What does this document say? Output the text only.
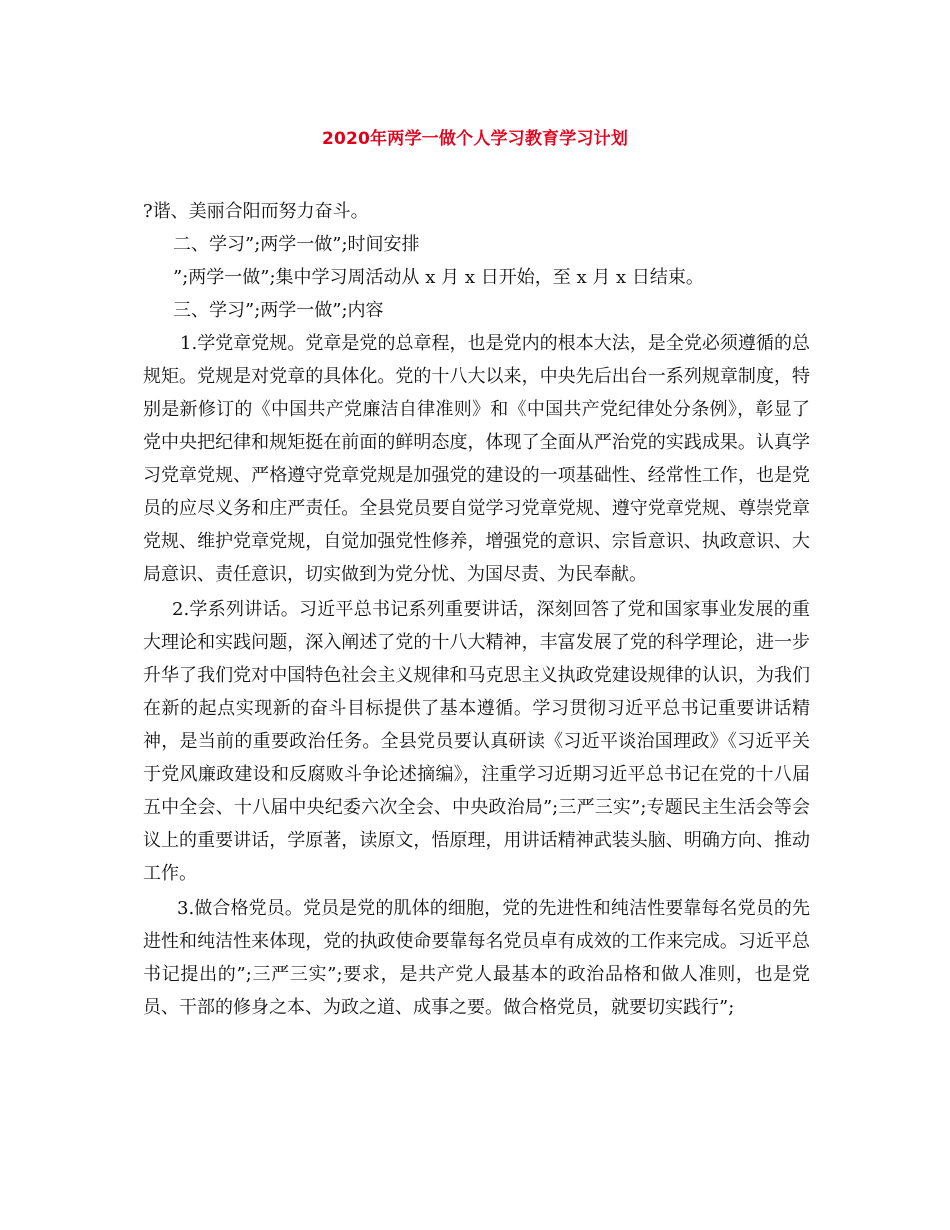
2020年两学一做个人学习教育学习计划

?谐、美丽合阳而努力奋斗。

二、学习”;两学一做”;时间安排

”;两学一做”;集中学习周活动从 x 月 x 日开始，至 x 月 x 日结束。

三、学习”;两学一做”;内容

1.学党章党规。党章是党的总章程，也是党内的根本大法，是全党必须遵循的总规矩。党规是对党章的具体化。党的十八大以来，中央先后出台一系列规章制度，特别是新修订的《中国共产党廉洁自律准则》和《中国共产党纪律处分条例》，彰显了党中央把纪律和规矩挺在前面的鲜明态度，体现了全面从严治党的实践成果。认真学习党章党规、严格遵守党章党规是加强党的建设的一项基础性、经常性工作，也是党员的应尽义务和庄严责任。全县党员要自觉学习党章党规、遵守党章党规、尊崇党章党规、维护党章党规，自觉加强党性修养，增强党的意识、宗旨意识、执政意识、大局意识、责任意识，切实做到为党分忧、为国尽责、为民奉献。

2.学系列讲话。习近平总书记系列重要讲话，深刻回答了党和国家事业发展的重大理论和实践问题，深入阐述了党的十八大精神，丰富发展了党的科学理论，进一步升华了我们党对中国特色社会主义规律和马克思主义执政党建设规律的认识，为我们在新的起点实现新的奋斗目标提供了基本遵循。学习贯彻习近平总书记重要讲话精神，是当前的重要政治任务。全县党员要认真研读《习近平谈治国理政》《习近平关于党风廉政建设和反腐败斗争论述摘编》，注重学习近期习近平总书记在党的十八届五中全会、十八届中央纪委六次全会、中央政治局”;三严三实”;专题民主生活会等会议上的重要讲话，学原著，读原文，悟原理，用讲话精神武装头脑、明确方向、推动工作。

3.做合格党员。党员是党的肌体的细胞，党的先进性和纯洁性要靠每名党员的先进性和纯洁性来体现，党的执政使命要靠每名党员卓有成效的工作来完成。习近平总书记提出的”;三严三实”;要求，是共产党人最基本的政治品格和做人准则，也是党员、干部的修身之本、为政之道、成事之要。做合格党员，就要切实践行”;
